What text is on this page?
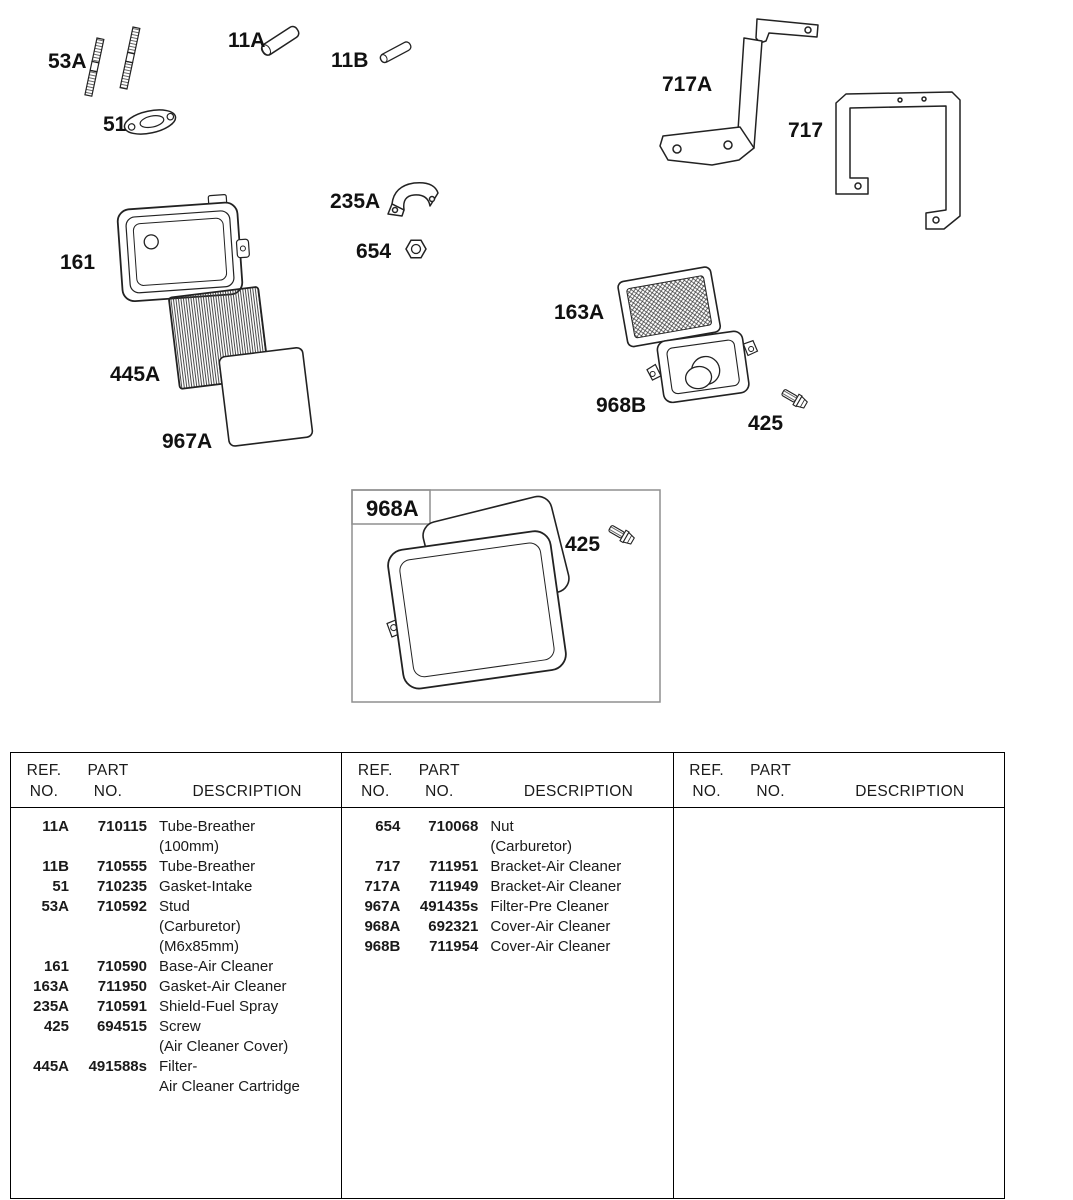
53A
11A
11B
51
717A
717
235A
654
161
163A
445A
968B
425
967A
968A
425
REF.	PART
NO.	NO.	DESCRIPTION
11A	710115 Tube-Breather
(100mm)
11B	710555 Tube-Breather
51	710235 Gasket-Intake
53A	710592 Stud
(Carburetor)
(M6x85mm)
161	710590 Base-Air Cleaner
163A	711950 Gasket-Air Cleaner
235A	710591 Shield-Fuel Spray
425	694515 Screw
(Air Cleaner Cover)
445A	491588s Filter-
Air Cleaner Cartridge
REF.	PART
NO.	NO.	DESCRIPTION
654	710068 Nut
(Carburetor)
717	711951 Bracket-Air Cleaner
717A	711949 Bracket-Air Cleaner
967A	491435s Filter-Pre Cleaner
968A	692321 Cover-Air Cleaner
968B	711954 Cover-Air Cleaner
REF.	PART
NO.	NO.	DESCRIPTION
